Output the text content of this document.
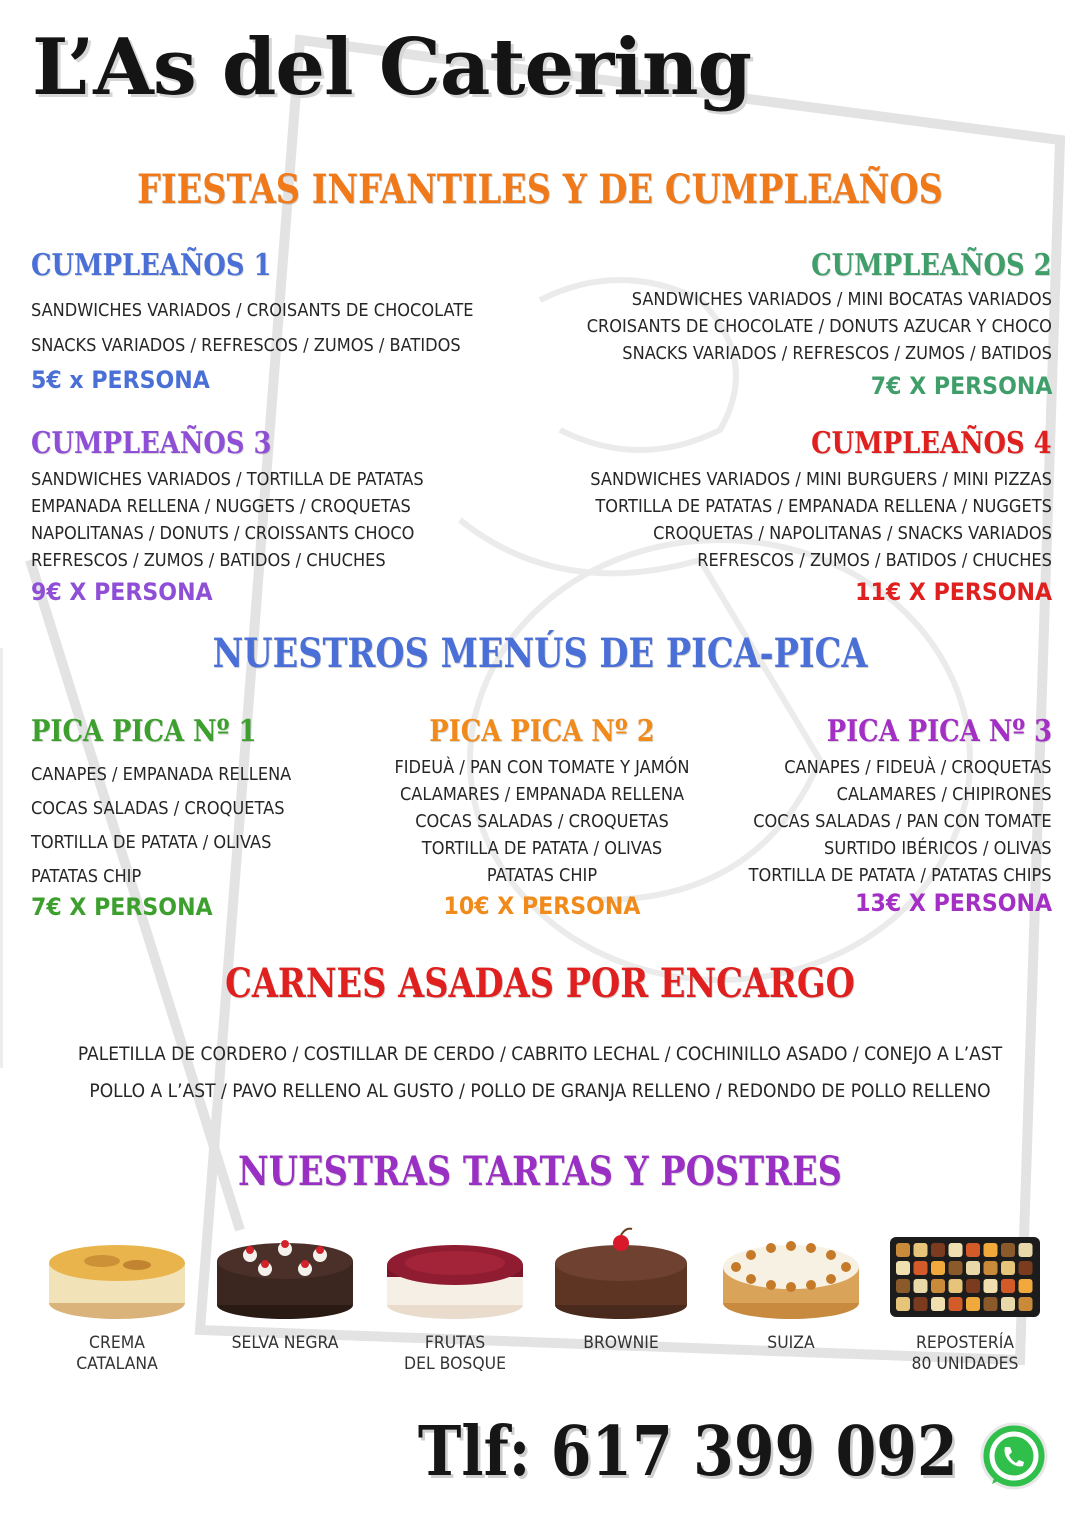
L’As del Catering
FIESTAS INFANTILES Y DE CUMPLEAÑOS
CUMPLEAÑOS 1
SANDWICHES VARIADOS / CROISANTS DE CHOCOLATE
SNACKS VARIADOS / REFRESCOS / ZUMOS / BATIDOS
5€ x PERSONA
CUMPLEAÑOS 2
SANDWICHES VARIADOS / MINI BOCATAS VARIADOS
CROISANTS DE CHOCOLATE / DONUTS AZUCAR Y CHOCO
SNACKS VARIADOS / REFRESCOS / ZUMOS / BATIDOS
7€ X PERSONA
CUMPLEAÑOS 3
SANDWICHES VARIADOS / TORTILLA DE PATATAS
EMPANADA RELLENA / NUGGETS / CROQUETAS
NAPOLITANAS / DONUTS / CROISSANTS CHOCO
REFRESCOS / ZUMOS / BATIDOS / CHUCHES
9€ X PERSONA
CUMPLEAÑOS 4
SANDWICHES VARIADOS / MINI BURGUERS / MINI PIZZAS
TORTILLA DE PATATAS / EMPANADA RELLENA / NUGGETS
CROQUETAS / NAPOLITANAS / SNACKS VARIADOS
REFRESCOS / ZUMOS / BATIDOS / CHUCHES
11€ X PERSONA
NUESTROS MENÚS DE PICA-PICA
PICA PICA Nº 1
CANAPES / EMPANADA RELLENA
COCAS SALADAS / CROQUETAS
TORTILLA DE PATATA / OLIVAS
PATATAS CHIP
7€ X PERSONA
PICA PICA Nº 2
FIDEUÀ / PAN CON TOMATE Y JAMÓN
CALAMARES / EMPANADA RELLENA
COCAS SALADAS / CROQUETAS
TORTILLA DE PATATA / OLIVAS
PATATAS CHIP
10€ X PERSONA
PICA PICA Nº 3
CANAPES / FIDEUÀ / CROQUETAS
CALAMARES / CHIPIRONES
COCAS SALADAS / PAN CON TOMATE
SURTIDO IBÉRICOS / OLIVAS
TORTILLA DE PATATA / PATATAS CHIPS
13€ X PERSONA
CARNES ASADAS POR ENCARGO
PALETILLA DE CORDERO / COSTILLAR DE CERDO / CABRITO LECHAL / COCHINILLO ASADO / CONEJO A L’AST
POLLO A L’AST / PAVO RELLENO AL GUSTO / POLLO DE GRANJA RELLENO / REDONDO DE POLLO RELLENO
NUESTRAS TARTAS Y POSTRES
CREMA
CATALANA
SELVA NEGRA	FRUTAS
DEL BOSQUE
BROWNIE	SUIZA	REPOSTERÍA
80 UNIDADES
Tlf: 617 399 092
